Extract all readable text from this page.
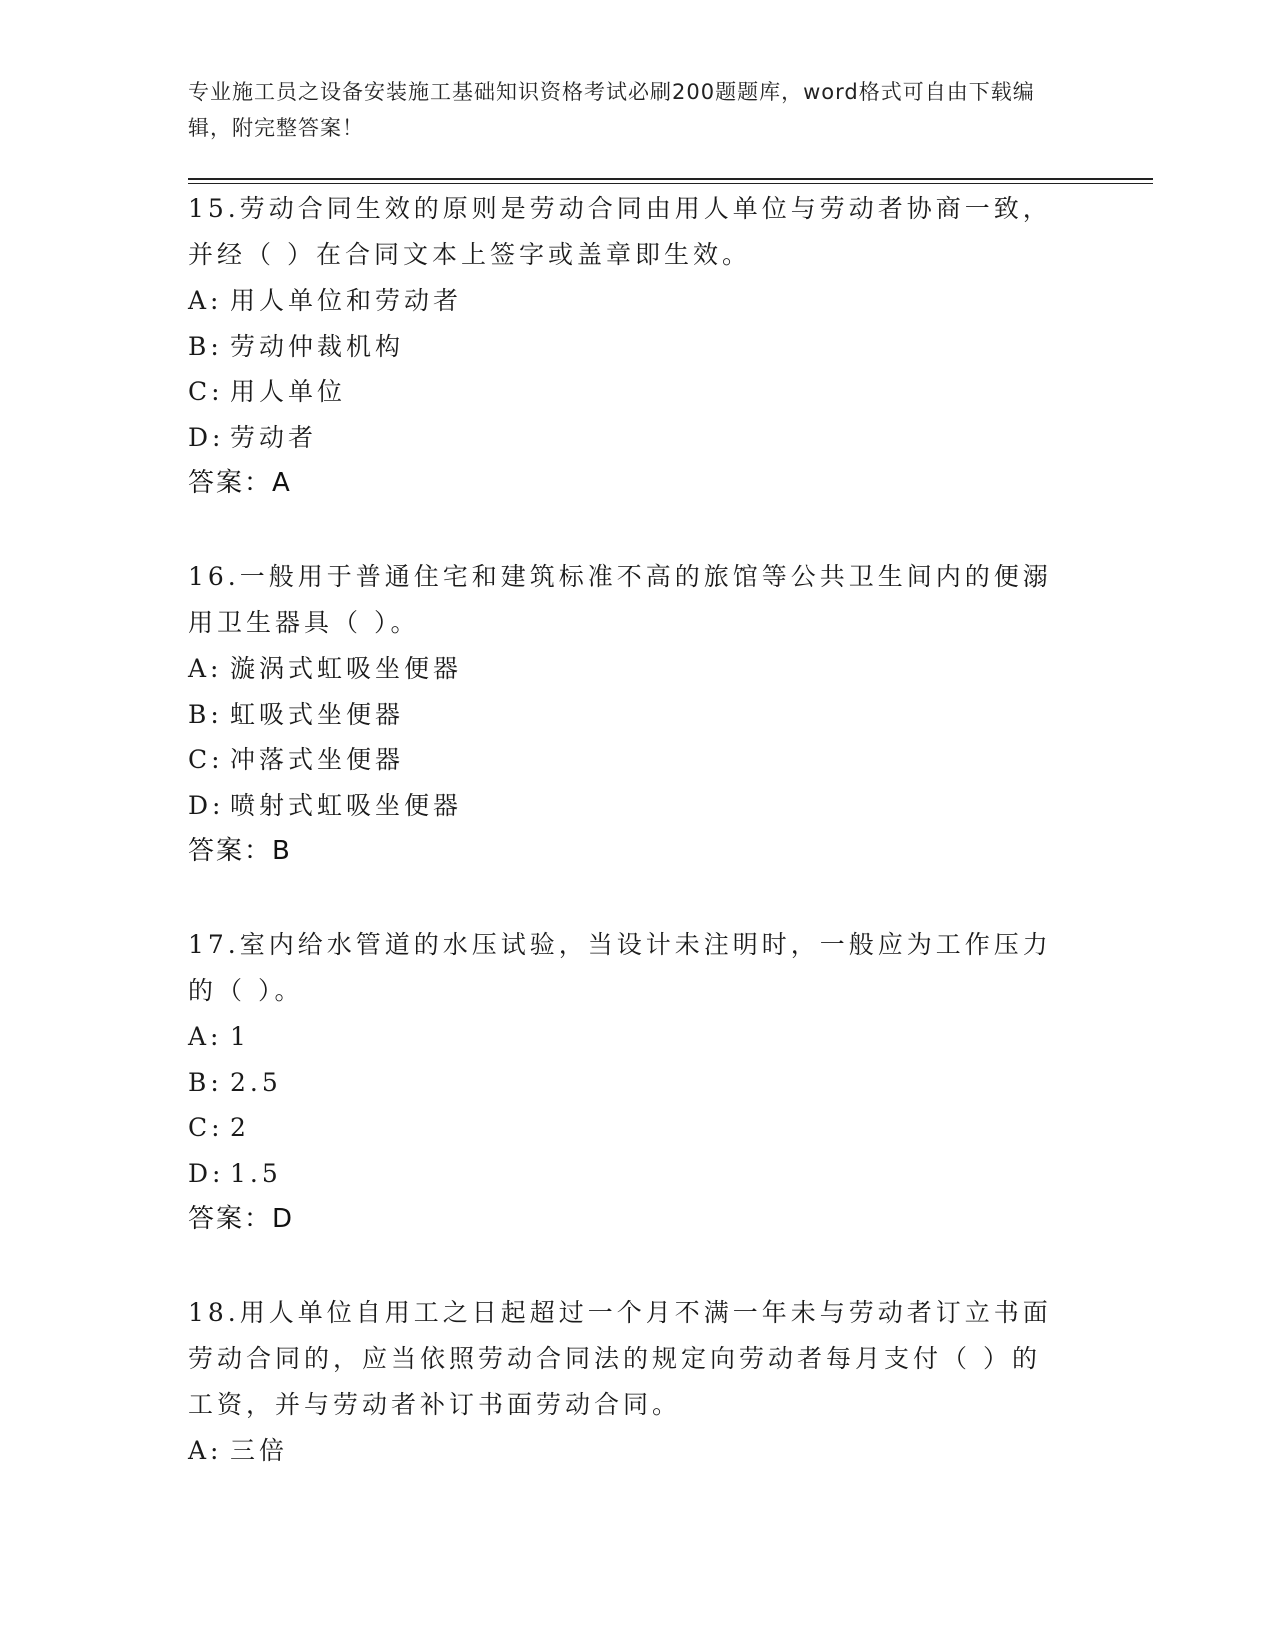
专业施工员之设备安装施工基础知识资格考试必刷200题题库，word格式可自由下载编辑，附完整答案！
15.劳动合同生效的原则是劳动合同由用人单位与劳动者协商一致，并经（ ）在合同文本上签字或盖章即生效。
A: 用人单位和劳动者
B: 劳动仲裁机构
C: 用人单位
D: 劳动者
答案：A
16.一般用于普通住宅和建筑标准不高的旅馆等公共卫生间内的便溺用卫生器具（ ）。
A: 漩涡式虹吸坐便器
B: 虹吸式坐便器
C: 冲落式坐便器
D: 喷射式虹吸坐便器
答案：B
17.室内给水管道的水压试验，当设计未注明时，一般应为工作压力的（ ）。
A: 1
B: 2.5
C: 2
D: 1.5
答案：D
18.用人单位自用工之日起超过一个月不满一年未与劳动者订立书面劳动合同的，应当依照劳动合同法的规定向劳动者每月支付（ ）的工资，并与劳动者补订书面劳动合同。
A: 三倍
